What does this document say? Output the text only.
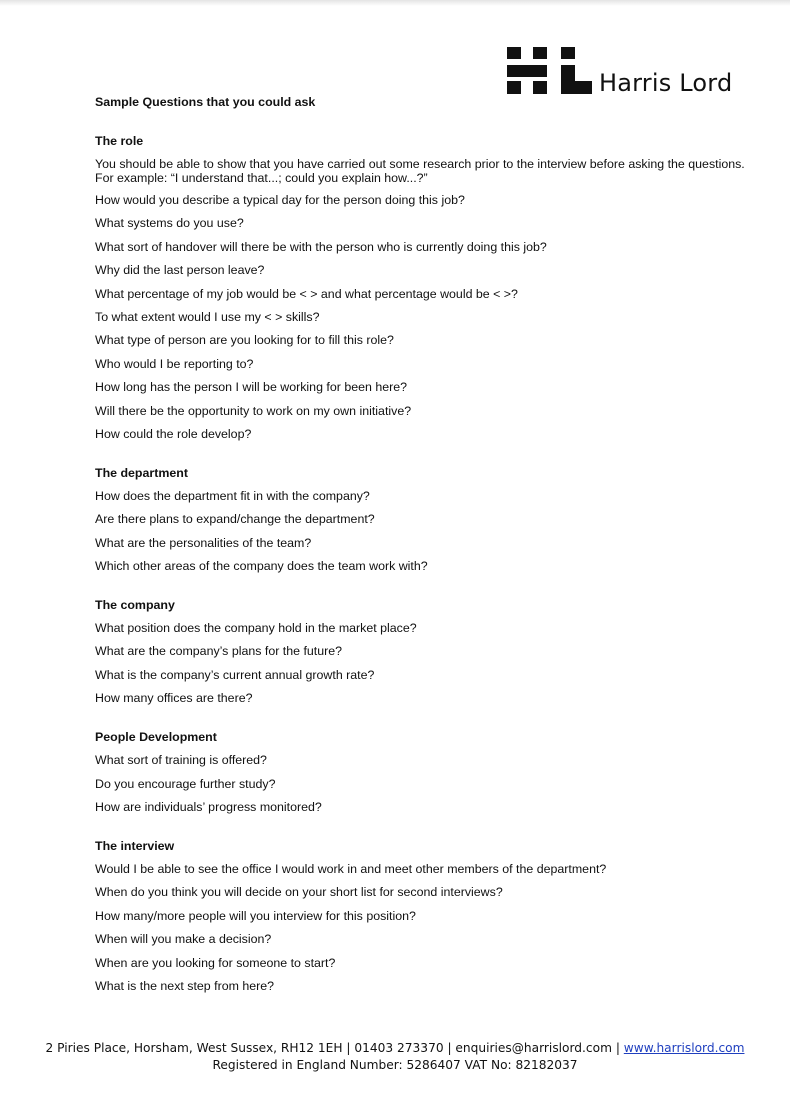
Harris Lord

Sample Questions that you could ask

The role

You should be able to show that you have carried out some research prior to the interview before asking the questions. For example: “I understand that...; could you explain how...?”

How would you describe a typical day for the person doing this job?

What systems do you use?

What sort of handover will there be with the person who is currently doing this job?

Why did the last person leave?

What percentage of my job would be < > and what percentage would be < >?

To what extent would I use my < > skills?

What type of person are you looking for to fill this role?

Who would I be reporting to?

How long has the person I will be working for been here?

Will there be the opportunity to work on my own initiative?

How could the role develop?

The department

How does the department fit in with the company?

Are there plans to expand/change the department?

What are the personalities of the team?

Which other areas of the company does the team work with?

The company

What position does the company hold in the market place?

What are the company’s plans for the future?

What is the company’s current annual growth rate?

How many offices are there?

People Development

What sort of training is offered?

Do you encourage further study?

How are individuals’ progress monitored?

The interview

Would I be able to see the office I would work in and meet other members of the department?

When do you think you will decide on your short list for second interviews?

How many/more people will you interview for this position?

When will you make a decision?

When are you looking for someone to start?

What is the next step from here?

2 Piries Place, Horsham, West Sussex, RH12 1EH | 01403 273370 | enquiries@harrislord.com | www.harrislord.com
Registered in England Number: 5286407 VAT No: 82182037
